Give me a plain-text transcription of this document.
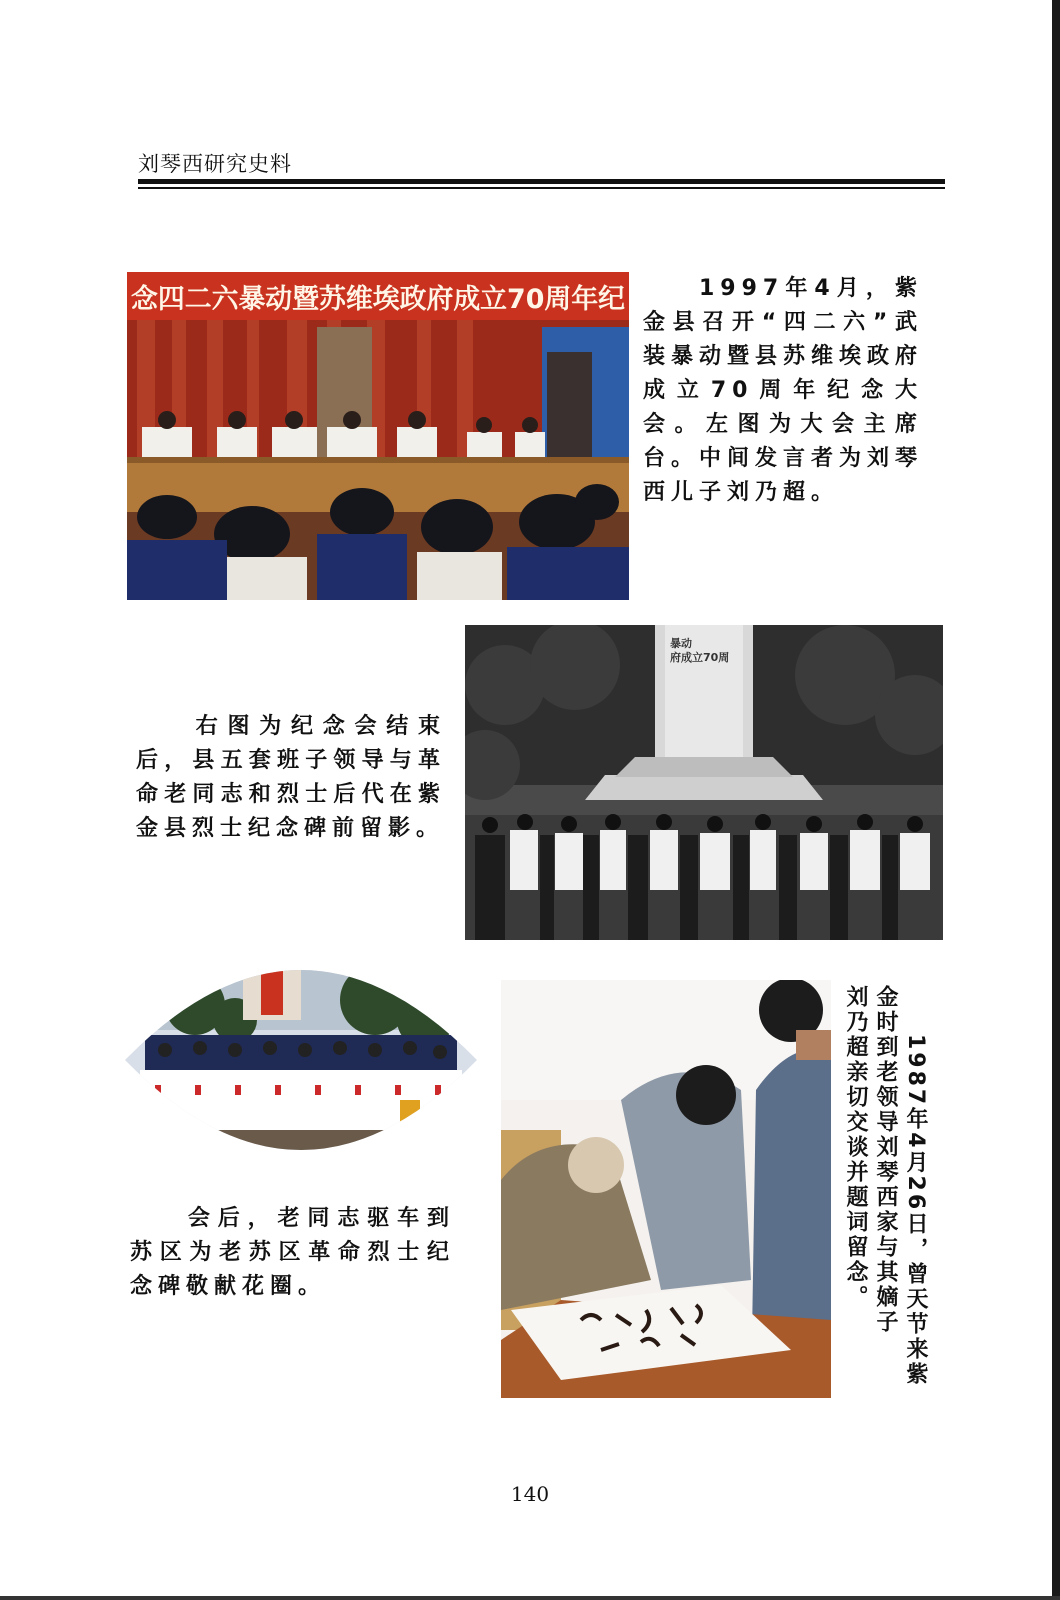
刘琴西研究史料
念四二六暴动暨苏维埃政府成立70周年纪	1997年4月，紫金县召开“四二六”武装暴动暨县苏维埃政府成立70周年纪念大会。左图为大会主席台。中间发言者为刘琴西儿子刘乃超。
暴动府成立70周
右图为纪念会结束后，县五套班子领导与革命老同志和烈士后代在紫金县烈士纪念碑前留影。
会后，老同志驱车到苏区为老苏区革命烈士纪念碑敬献花圈。	1987年4月26日，曾天节来紫
金时到老领导刘琴西家与其嫡子
刘乃超亲切交谈并题词留念。
140
